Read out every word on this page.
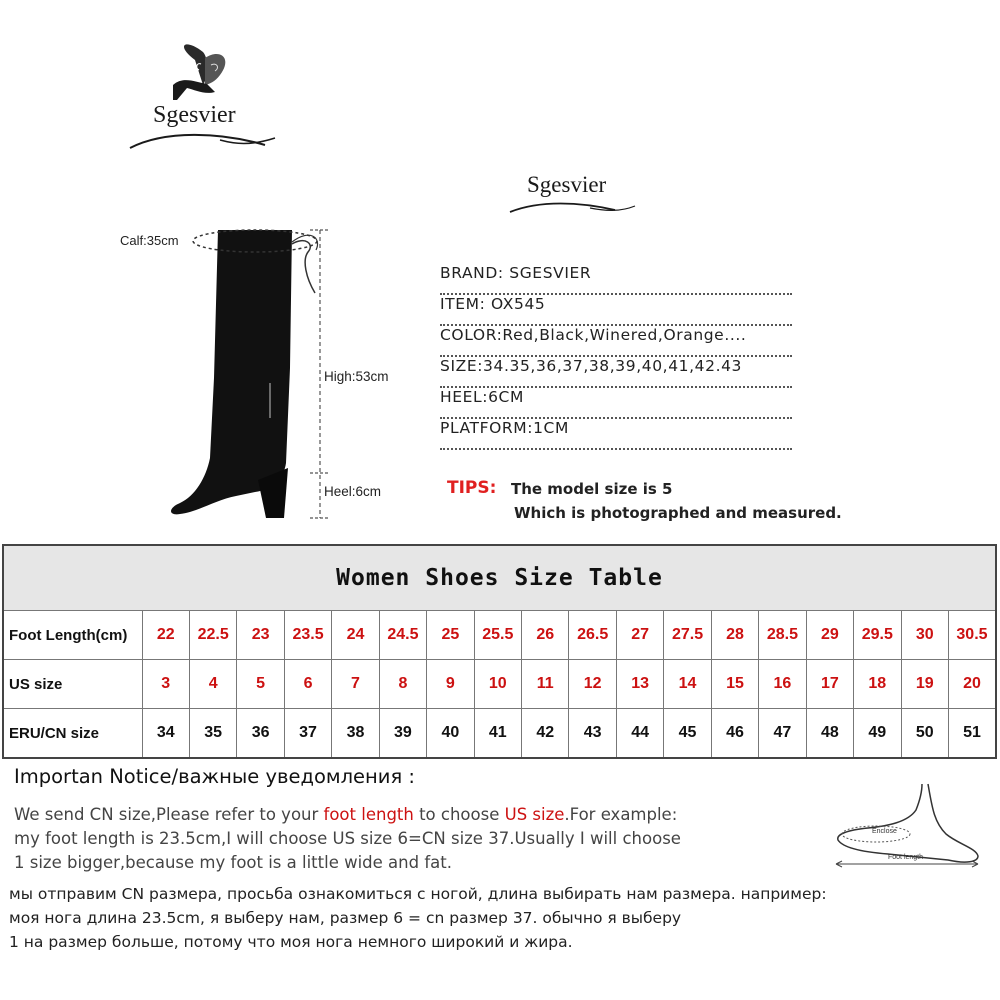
Sgesvier
Sgesvier
Calf:35cm
High:53cm
Heel:6cm
BRAND: SGESVIER
ITEM: OX545
COLOR:Red,Black,Winered,Orange....
SIZE:34.35,36,37,38,39,40,41,42.43
HEEL:6CM
PLATFORM:1CM
TIPS: The model size is 5
Which is photographed and measured.
Women Shoes Size Table																		
Foot Length(cm)	22	22.5	23	23.5	24	24.5	25	25.5	26	26.5	27	27.5	28	28.5	29	29.5	30	30.5
US size	3	4	5	6	7	8	9	10	11	12	13	14	15	16	17	18	19	20
ERU/CN size	34	35	36	37	38	39	40	41	42	43	44	45	46	47	48	49	50	51
Importan Notice/важные уведомления :
We send CN size,Please refer to your foot length to choose US size.For example:
my foot length is 23.5cm,I will choose US size 6=CN size 37.Usually I will choose
1 size bigger,because my foot is a little wide and fat.
мы отправим CN размера, просьба ознакомиться с ногой, длина выбирать нам размера. например:
моя нога длина 23.5cm, я выберу нам, размер 6 = cn размер 37. обычно я выберу
1 на размер больше, потому что моя нога немного широкий и жира.
Enclose
Foot length
